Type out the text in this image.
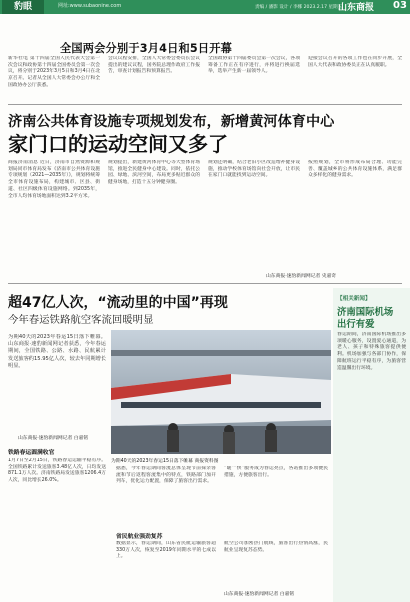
豹眼	网址:www.subaonine.com	责编 / 潘影 设计 / 李娜 2023.2.17 星期五
山东商报 03
全国两会分别于3月4日和5日开幕
新华社电 第十四届全国人民代表大会第一次会议和政协第十四届全国委员会第一次会议，将分别于2023年3月5日和3月4日在北京召开。记者从全国人大常委会办公厅和全国政协办公厅获悉。
会议议程安排，全国人大常委会委员长会议提出的建议议程，国务院总理作政府工作报告，审查计划报告和预算报告。
全国政协第十四届委员会第一次会议，各项筹备工作正在有序进行，并将进行换届选举，选举产生新一届领导人。
迎接会议召开的各项工作也在同步开展，全国人大代表和政协委员正在认真履职。
济南公共体育设施专项规划发布，新增黄河体育中心
家门口的运动空间又多了
商报济南消息 近日，济南市自然资源和规划局同市体育局发布《济南市公共体育设施专项规划（2021—2035年）》，规划将统筹全市体育设施布局，构建城市、区县、街道、社区四级体育设施网络。到2035年，全市人均体育场地面积达到3.2平方米。
规划提出，新建黄河体育中心等大型体育场馆，推进全民健身中心建设。同时，依托公园、绿地、滨河空间，布局更多贴近群众的健身场地，打造十五分钟健身圈。
规划还明确，结合老旧小区改造增补健身设施，推动学校体育场馆向社会开放，让市民在家门口就能找到运动空间。
按照规划，全市将形成布局合理、功能完善、覆盖城乡的公共体育设施体系，满足群众多样化的健身需求。
山东商报·速豹新闻网记者 史嘉奇
【相关新闻】
济南国际机场
出行有爱
春运期间，济南国际机场推出多项暖心服务，设置爱心通道，为老人、孩子和特殊旅客提供便利。机场加强与各部门协作，保障航班运行平稳有序，为旅客营造温馨出行环境。
超47亿人次，“流动里的中国”再现
今年春运铁路航空客流回暖明显
为期40天的2023年春运15日落下帷幕。山东商报·速豹新闻网记者获悉，今年春运期间，全国铁路、公路、水路、民航累计发送旅客约15.95亿人次，较去年同期增长明显。
山东商报·速豹新闻网记者 白嘉铭
为期40天的2023年春运15日落下帷幕 商报资料图
铁路春运圆满收官
1月7日至2月15日，铁路春运运输平稳有序。全国铁路累计发送旅客3.48亿人次，日均发送871.1万人次。济南铁路局发送旅客1206.4万人次，同比增长26.0%。
据悉，今年春运期间客流总体呈现节前探亲客流和节后返程客流集中的特点，铁路部门加开列车，优化运力配置，保障了旅客出行需求。
“暖”“快”服务成为春运亮点，各站推出多项便民措施，方便旅客出行。
省民航业强劲复苏
数据显示，春运期间，山东省民航运输旅客超330万人次，恢复至2019年同期水平的七成以上。
航空公司加密热门航线，旅客出行热情高涨，民航业呈现复苏态势。
山东商报·速豹新闻网记者 白嘉铭
